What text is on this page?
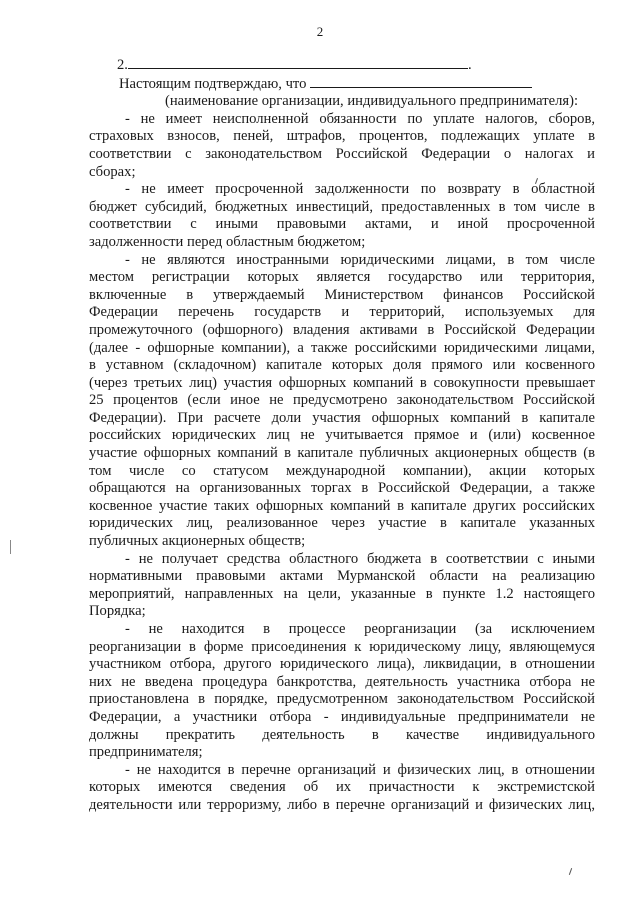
2
2.	.
Настоящим подтверждаю, что
(наименование организации, индивидуального предпринимателя):
- не имеет неисполненной обязанности по уплате налогов, сборов,
страховых взносов, пеней, штрафов, процентов, подлежащих уплате в
соответствии с законодательством Российской Федерации о налогах и
сборах;
- не имеет просроченной задолженности по возврату в областной
бюджет субсидий, бюджетных инвестиций, предоставленных в том числе в
соответствии с иными правовыми актами, и иной просроченной
задолженности перед областным бюджетом;
- не являются иностранными юридическими лицами, в том числе
местом регистрации которых является государство или территория,
включенные в утверждаемый Министерством финансов Российской
Федерации перечень государств и территорий, используемых для
промежуточного (офшорного) владения активами в Российской Федерации
(далее - офшорные компании), а также российскими юридическими лицами,
в уставном (складочном) капитале которых доля прямого или косвенного
(через третьих лиц) участия офшорных компаний в совокупности превышает
25 процентов (если иное не предусмотрено законодательством Российской
Федерации). При расчете доли участия офшорных компаний в капитале
российских юридических лиц не учитывается прямое и (или) косвенное
участие офшорных компаний в капитале публичных акционерных обществ (в
том числе со статусом международной компании), акции которых
обращаются на организованных торгах в Российской Федерации, а также
косвенное участие таких офшорных компаний в капитале других российских
юридических лиц, реализованное через участие в капитале указанных
публичных акционерных обществ;
- не получает средства областного бюджета в соответствии с иными
нормативными правовыми актами Мурманской области на реализацию
мероприятий, направленных на цели, указанные в пункте 1.2 настоящего
Порядка;
- не находится в процессе реорганизации (за исключением
реорганизации в форме присоединения к юридическому лицу, являющемуся
участником отбора, другого юридического лица), ликвидации, в отношении
них не введена процедура банкротства, деятельность участника отбора не
приостановлена в порядке, предусмотренном законодательством Российской
Федерации, а участники отбора - индивидуальные предприниматели не
должны прекратить деятельность в качестве индивидуального
предпринимателя;
- не находится в перечне организаций и физических лиц, в отношении
которых имеются сведения об их причастности к экстремистской
деятельности или терроризму, либо в перечне организаций и физических лиц,
